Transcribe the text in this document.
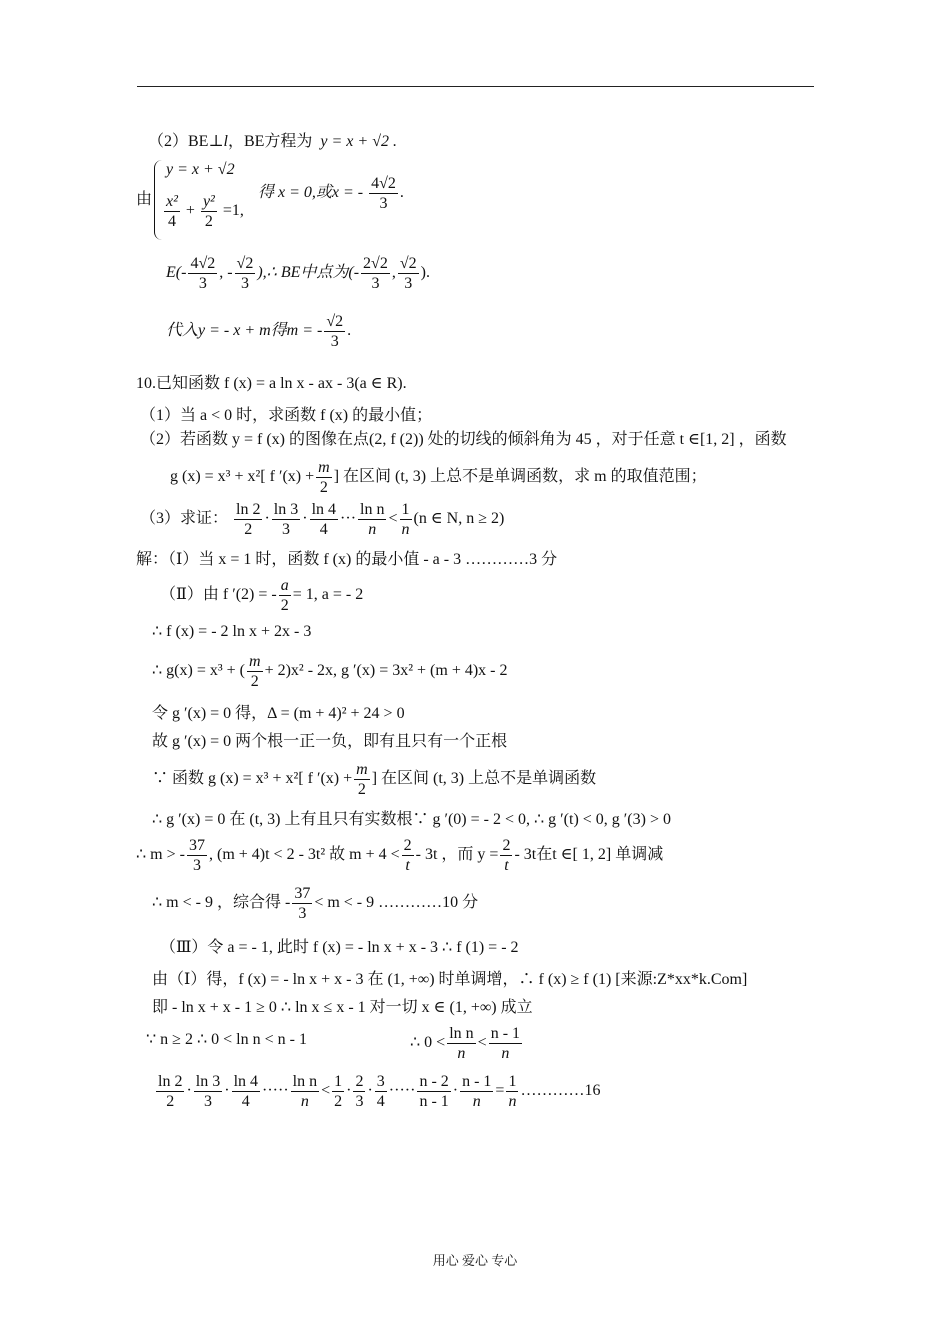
（2）BE⊥l，BE方程为 y = x + √2 .
由
y = x + √2
$\frac{\text{x²}}{4} + \frac{\text{y²}}{2} =1$,
得 x = 0,或x = - $\frac{4√2}{3}$ .
$E(- \frac{4√2}{3}$ , - $\frac{√2}{3}$ ),∴ BE中点为(- $\frac{2√2}{3}$ , $\frac{√2}{3}$ ).
代入y = - x + m得m = - $\frac{√2}{3}$ .
10.已知函数 f (x) = a ln x - ax - 3(a ∈ R).
（1）当 a < 0 时，求函数 f (x) 的最小值；
（2）若函数 y = f (x) 的图像在点(2, f (2)) 处的切线的倾斜角为 45 ，对于任意 t ∈[1, 2] ，函数
g (x) = x³ + x²[ f $'(x) + \frac{m}{2}$ ] 在区间 (t, 3) 上总不是单调函数，求 m 的取值范围；
（3）求证： $\frac{\ln 2}{2} \cdot \frac{\ln 3}{3} \cdot \frac{\ln 4}{4}$ ··· $\frac{\text{ln n}}{n} < \frac{1}{n} (n$ ∈ N, n ≥ 2)
解：（Ⅰ）当 x = 1 时，函数 f (x) 的最小值 - a - 3 …………3 分
（Ⅱ）由 f ′(2) = - $\frac{a}{2} = 1$, a = - 2
∴ f (x) = - 2 ln x + 2x - 3
∴ g(x) = x³ + ( $\frac{m}{2} + 2)x^2 - 2x$, g ′(x) = 3x² + (m + 4)x - 2
令 g ′(x) = 0 得，Δ = (m + 4)² + 24 > 0
故 g ′(x) = 0 两个根一正一负，即有且只有一个正根
∵ 函数 g (x) = x³ + x²[ f $'(x) + \frac{m}{2}$ ] 在区间 (t, 3) 上总不是单调函数
∴ g ′(x) = 0 在 (t, 3) 上有且只有实数根∵ g ′(0) = - 2 < 0, ∴ g ′(t) < 0, g ′(3) > 0
∴ m > - $\frac{37}{3}$ , (m + 4)t < 2 - 3t² 故 $m + 4 < \frac{2}{t} - 3t$ ，而 $y = \frac{2}{t} - 3t$在t ∈[ 1, 2] 单调减
∴ m < - 9 ，综合得 - $\frac{37}{3} < m$ < - 9 …………10 分
（Ⅲ）令 a = - 1, 此时 f (x) = - ln x + x - 3 ∴ f (1) = - 2
由（Ⅰ）得，f (x) = - ln x + x - 3 在 (1, +∞) 时单调增，∴ f (x) ≥ f (1) [来源:Z*xx*k.Com]
即 - ln x + x - 1 ≥ 0 ∴ ln x ≤ x - 1 对一切 x ∈ (1, +∞) 成立
∵ n ≥ 2 ∴ 0 < ln n < n - 1	∴ $0 < \frac{\text{ln n}}{n} < \frac{n - 1}{n}$
$\frac{\ln 2}{2} \cdot \frac{\ln 3}{3} \cdot \frac{\ln 4}{4}$ ····· $\frac{\text{ln n}}{n} < \frac{1}{2} \cdot \frac{2}{3} \cdot \frac{3}{4}$ ····· $\frac{n - 2}{n - 1} \cdot \frac{n - 1}{n} = \frac{1}{n}$ …………16
用心 爱心 专心
